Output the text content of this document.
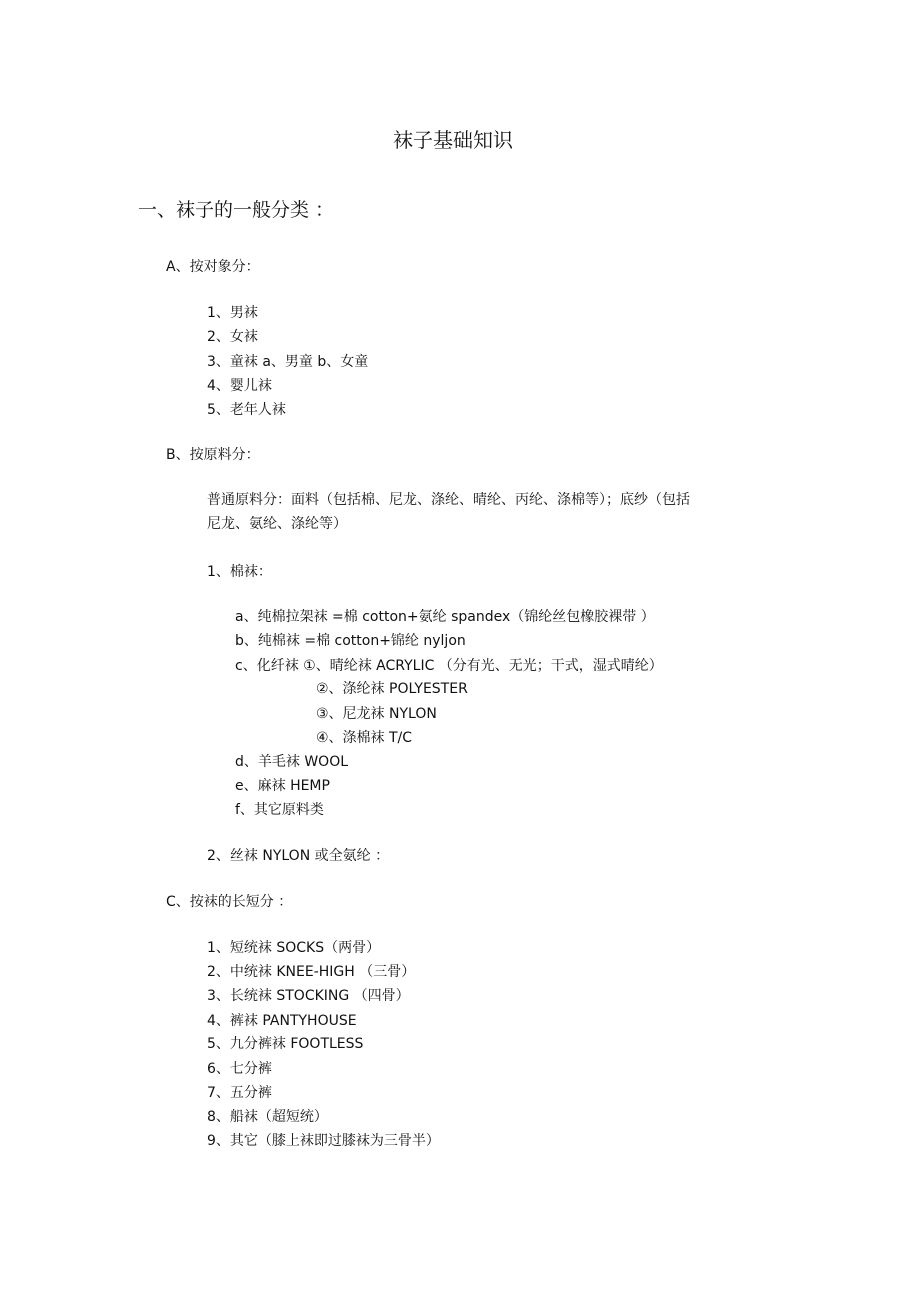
袜子基础知识
一、袜子的一般分类 ：
A、按对象分：
1、男袜
2、女袜
3、童袜 a、男童 b、女童
4、婴儿袜
5、老年人袜
B、按原料分：
普通原料分：面料（包括棉、尼龙、涤纶、晴纶、丙纶、涤棉等）；底纱（包括
尼龙、氨纶、涤纶等）
1、棉袜：
a、纯棉拉架袜 =棉 cotton+氨纶 spandex（锦纶丝包橡胶裸带 ）
b、纯棉袜 =棉 cotton+锦纶 nyljon
c、化纤袜 ①、晴纶袜 ACRYLIC （分有光、无光；干式，湿式晴纶）
②、涤纶袜 POLYESTER
③、尼龙袜 NYLON
④、涤棉袜 T/C
d、羊毛袜 WOOL
e、麻袜 HEMP
f、其它原料类
2、丝袜 NYLON 或全氨纶 ：
C、按袜的长短分 ：
1、短统袜 SOCKS（两骨）
2、中统袜 KNEE-HIGH （三骨）
3、长统袜 STOCKING （四骨）
4、裤袜 PANTYHOUSE
5、九分裤袜 FOOTLESS
6、七分裤
7、五分裤
8、船袜（超短统）
9、其它（膝上袜即过膝袜为三骨半）
